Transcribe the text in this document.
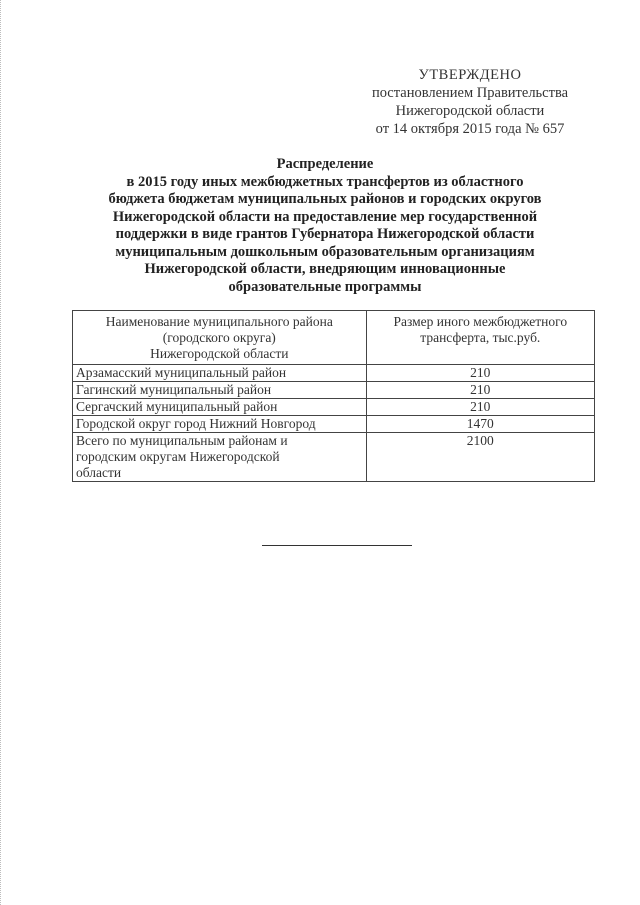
УТВЕРЖДЕНО
постановлением Правительства
Нижегородской области
от 14 октября 2015 года № 657
Распределение
в 2015 году иных межбюджетных трансфертов из областного
бюджета бюджетам муниципальных районов и городских округов
Нижегородской области на предоставление мер государственной
поддержки в виде грантов Губернатора Нижегородской области
муниципальным дошкольным образовательным организациям
Нижегородской области, внедряющим инновационные
образовательные программы
Наименование муниципального района
(городского округа)
Нижегородской области	Размер иного межбюджетного
трансферта, тыс.руб.

Арзамасский муниципальный район	210
Гагинский муниципальный район	210
Сергачский муниципальный район	210
Городской округ город Нижний Новгород	1470

Всего по муниципальным районам и
городским округам Нижегородской
области	2100
